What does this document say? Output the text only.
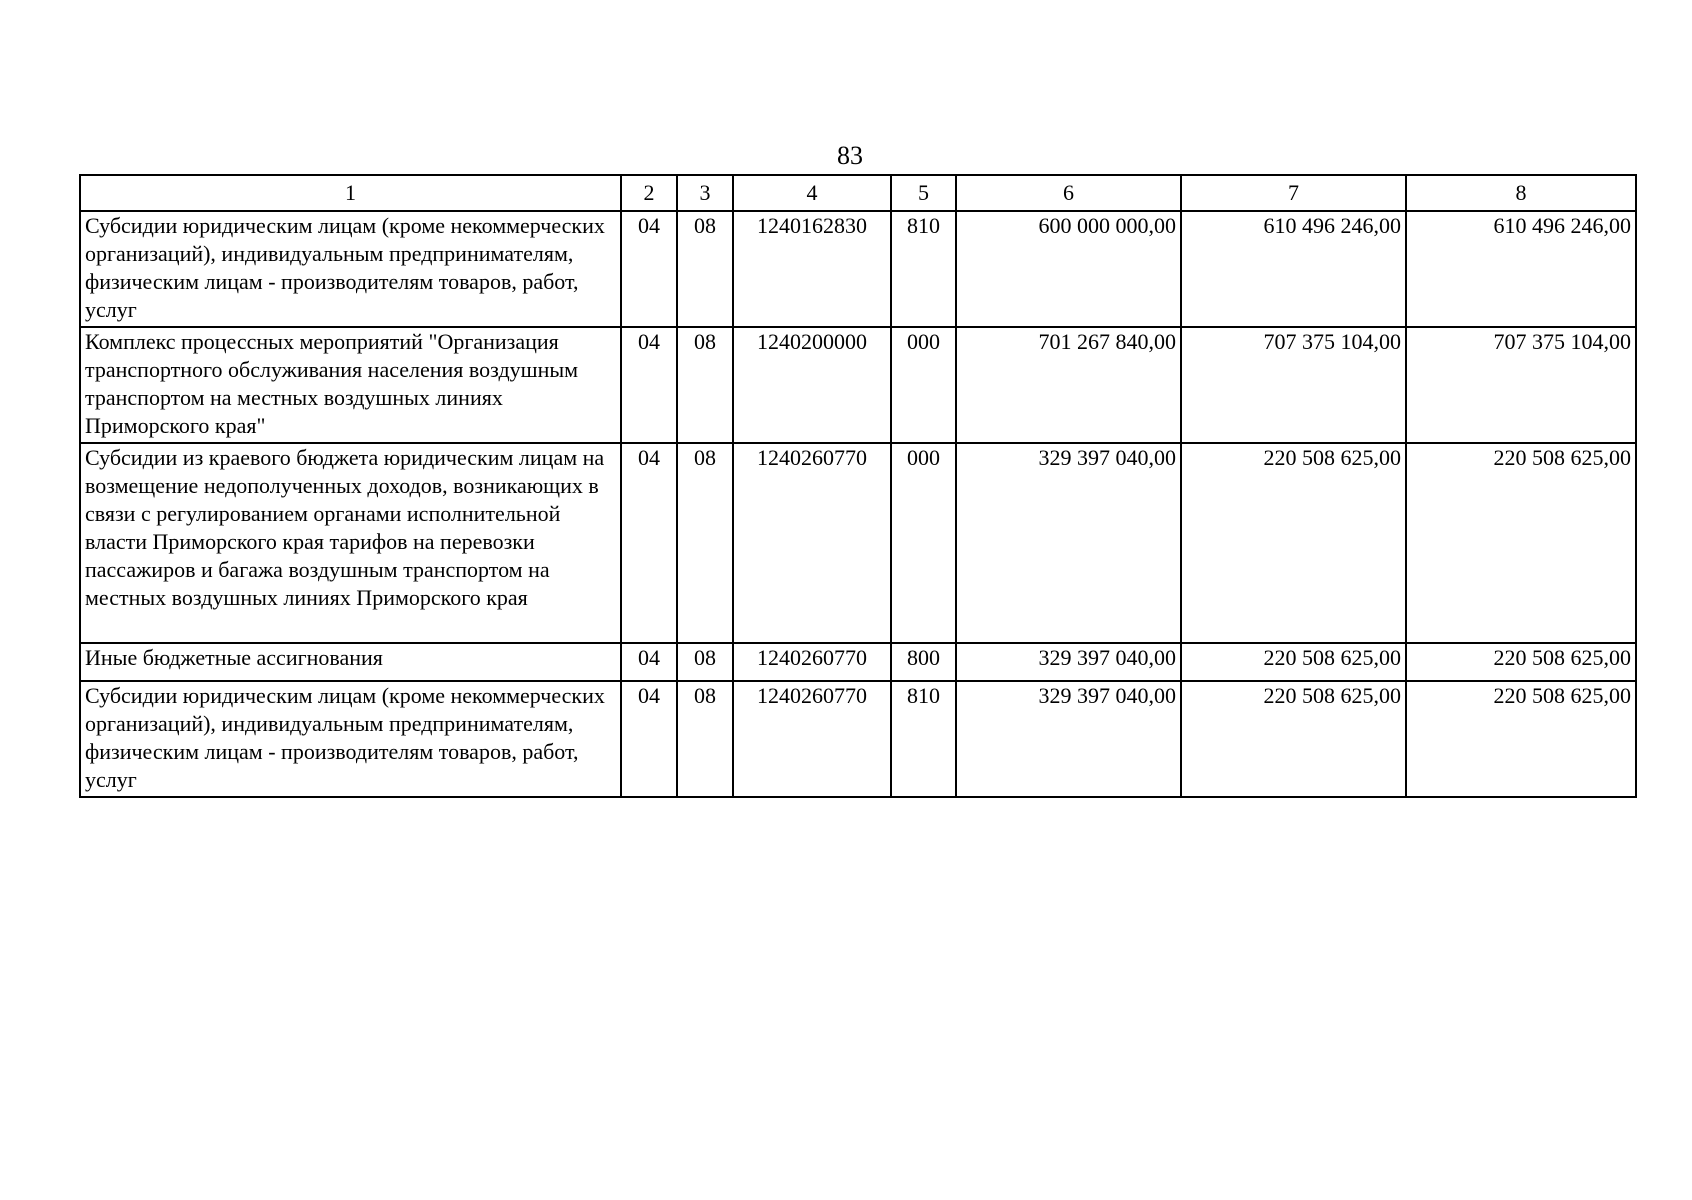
83
1	2	3	4	5	6	7	8
Субсидии юридическим лицам (кроме некоммерческих организаций), индивидуальным предпринимателям, физическим лицам - производителям товаров, работ, услуг	04	08	1240162830	810	600 000 000,00	610 496 246,00	610 496 246,00
Комплекс процессных мероприятий "Организация транспортного обслуживания населения воздушным транспортом на местных воздушных линиях Приморского края"	04	08	1240200000	000	701 267 840,00	707 375 104,00	707 375 104,00
Субсидии из краевого бюджета юридическим лицам на возмещение недополученных доходов, возникающих в связи с регулированием органами исполнительной власти Приморского края тарифов на перевозки пассажиров и багажа воздушным транспортом на местных воздушных линиях Приморского края	04	08	1240260770	000	329 397 040,00	220 508 625,00	220 508 625,00
Иные бюджетные ассигнования	04	08	1240260770	800	329 397 040,00	220 508 625,00	220 508 625,00
Субсидии юридическим лицам (кроме некоммерческих организаций), индивидуальным предпринимателям, физическим лицам - производителям товаров, работ, услуг	04	08	1240260770	810	329 397 040,00	220 508 625,00	220 508 625,00
